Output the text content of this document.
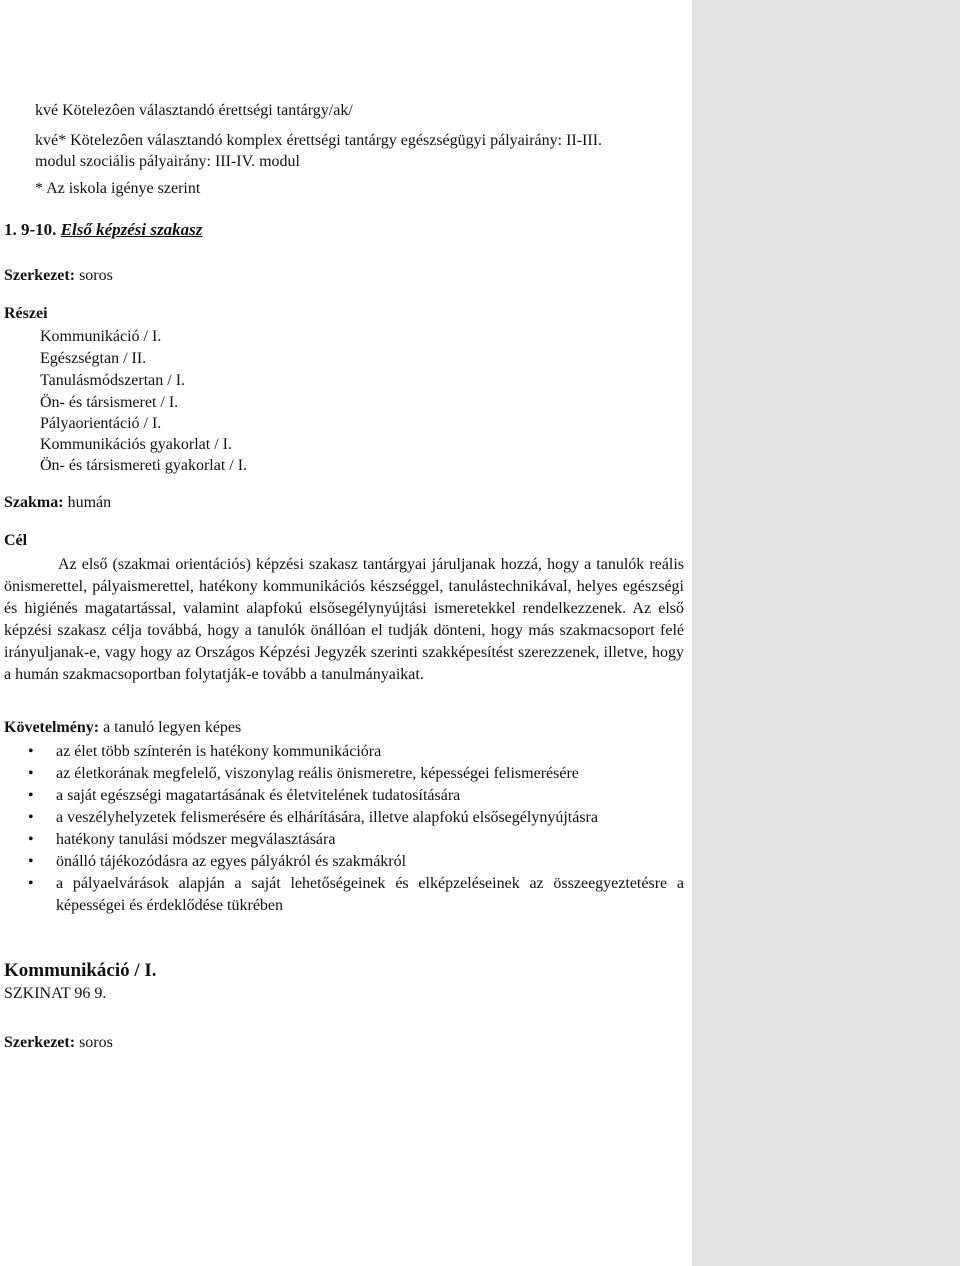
kvé Kötelezôen választandó érettségi tantárgy/ak/
kvé* Kötelezôen választandó komplex érettségi tantárgy egészségügyi pályairány: II-III.
modul szociális pályairány: III-IV. modul
* Az iskola igénye szerint
1. 9-10. Első képzési szakasz
Szerkezet: soros
Részei
Kommunikáció / I.
Egészségtan / II.
Tanulásmódszertan / I.
Ön- és társismeret / I.
Pályaorientáció / I.
Kommunikációs gyakorlat / I.
Ön- és társismereti gyakorlat / I.
Szakma: humán
Cél
Az első (szakmai orientációs) képzési szakasz tantárgyai járuljanak hozzá, hogy a tanulók reális önismerettel, pályaismerettel, hatékony kommunikációs készséggel, tanulástechnikával, helyes egészségi és higiénés magatartással, valamint alapfokú elsősegélynyújtási ismeretekkel rendelkezzenek. Az első képzési szakasz célja továbbá, hogy a tanulók önállóan el tudják dönteni, hogy más szakmacsoport felé irányuljanak-e, vagy hogy az Országos Képzési Jegyzék szerinti szakképesítést szerezzenek, illetve, hogy a humán szakmacsoportban folytatják-e tovább a tanulmányaikat.
Követelmény: a tanuló legyen képes
• az élet több színterén is hatékony kommunikációra
• az életkorának megfelelő, viszonylag reális önismeretre, képességei felismerésére
• a saját egészségi magatartásának és életvitelének tudatosítására
• a veszélyhelyzetek felismerésére és elhárítására, illetve alapfokú elsősegélynyújtásra
• hatékony tanulási módszer megválasztására
• önálló tájékozódásra az egyes pályákról és szakmákról
• a pályaelvárások alapján a saját lehetőségeinek és elképzeléseinek az összeegyeztetésre a képességei és érdeklődése tükrében
Kommunikáció / I.
SZKINAT 96 9.
Szerkezet: soros
